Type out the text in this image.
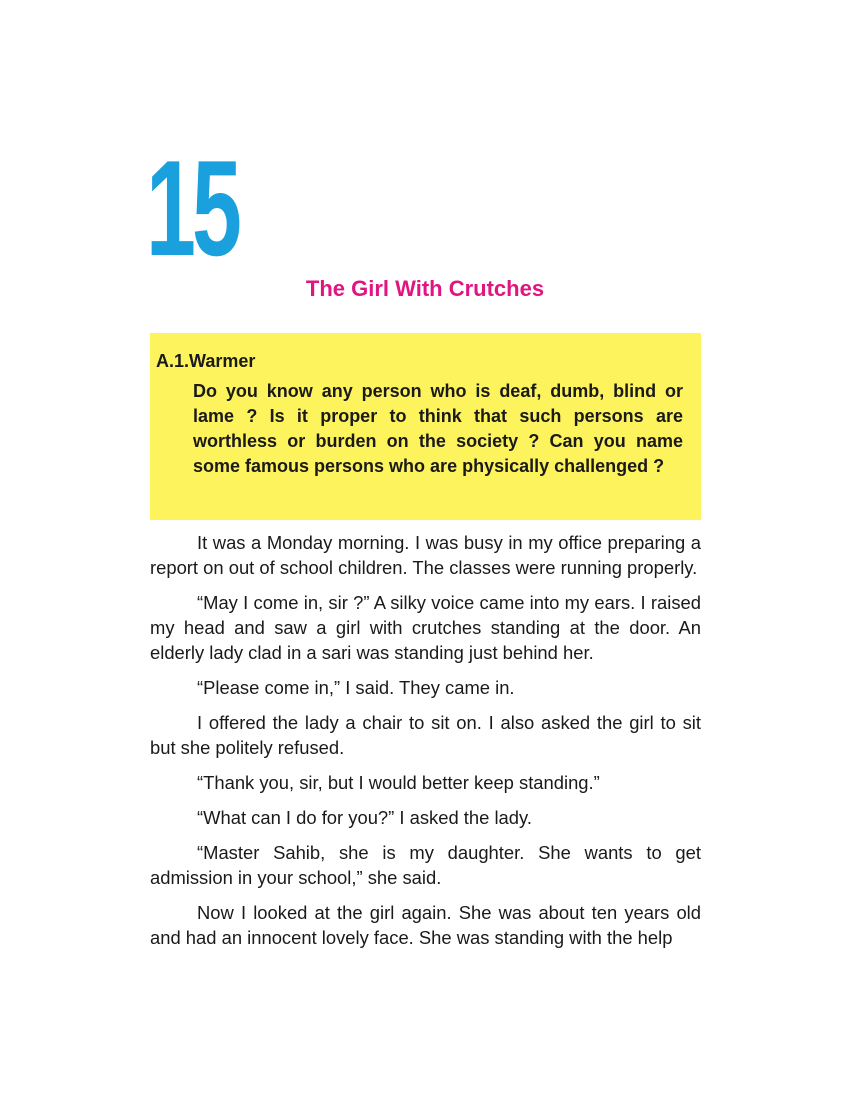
15
The Girl With Crutches

A.1.Warmer

Do you know any person who is deaf, dumb, blind or lame ? Is it proper to think that such persons are worthless or burden on the society ? Can you name some famous persons who are physically challenged ?

It was a Monday morning. I was busy in my office preparing a report on out of school children. The classes were running properly.

“May I come in, sir ?” A silky voice came into my ears. I raised my head and saw a girl with crutches standing at the door. An elderly lady clad in a sari was standing just behind her.

“Please come in,” I said. They came in.

I offered the lady a chair to sit on. I also asked the girl to sit but she politely refused.

“Thank you, sir, but I would better keep standing.”

“What can I do for you?” I asked the lady.

“Master Sahib, she is my daughter. She wants to get admission in your school,” she said.

Now I looked at the girl again. She was about ten years old and had an innocent lovely face. She was standing with the help
